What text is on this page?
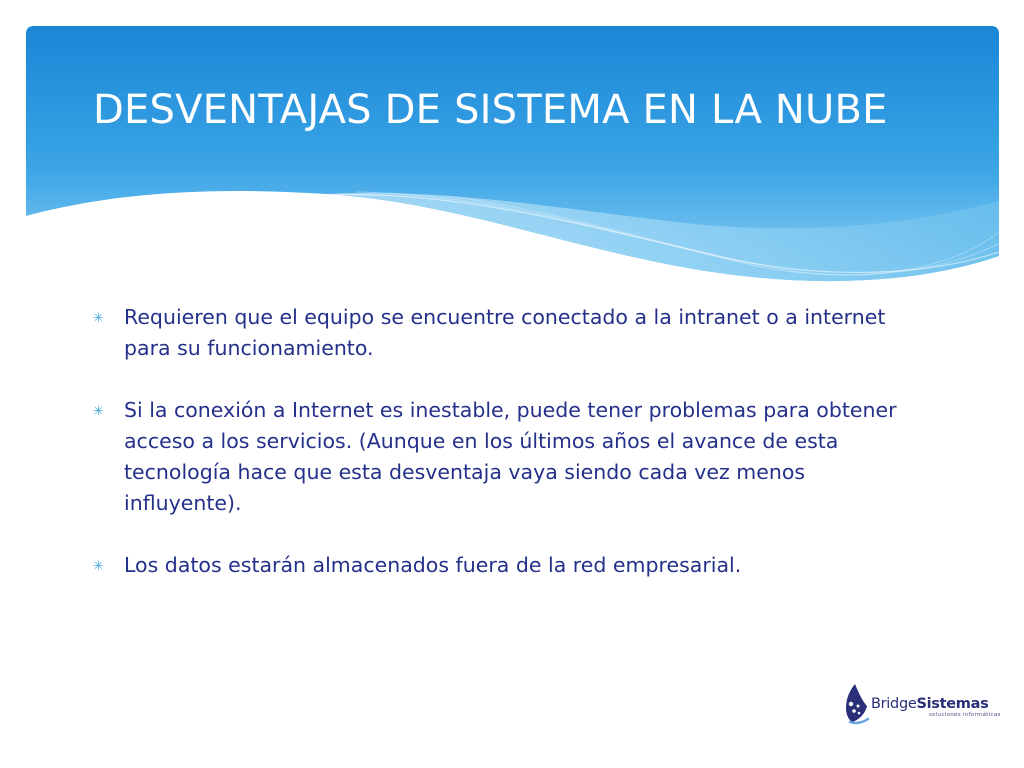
DESVENTAJAS DE SISTEMA EN LA NUBE
✳ Requieren que el equipo se encuentre conectado a la intranet o a internet para su funcionamiento.
✳ Si la conexión a Internet es inestable, puede tener problemas para obtener acceso a los servicios. (Aunque en los últimos años el avance de esta tecnología hace que esta desventaja vaya siendo cada vez menos influyente).
✳ Los datos estarán almacenados fuera de la red empresarial.
BridgeSistemas
soluciones informáticas
